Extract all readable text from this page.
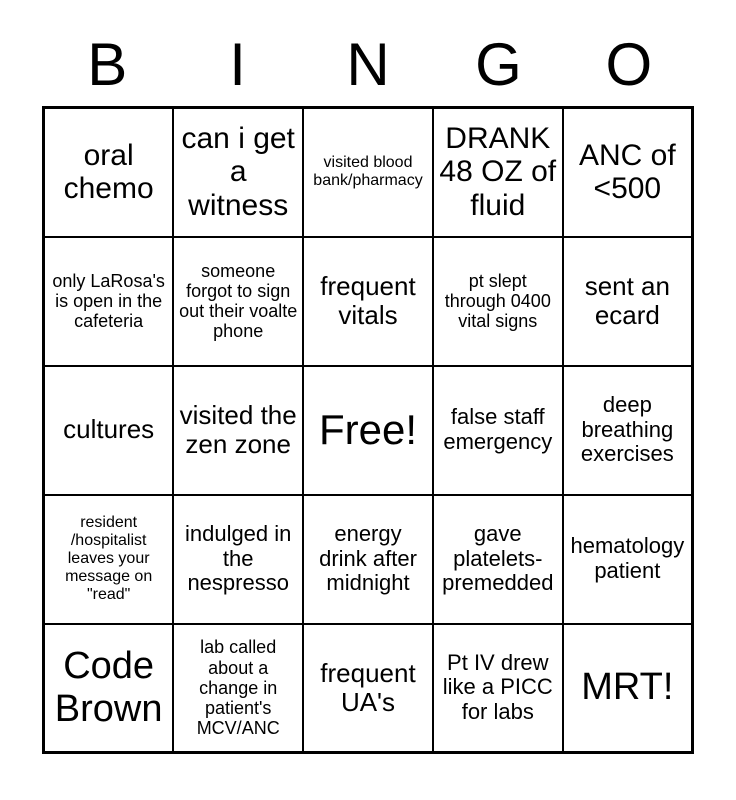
B	I	N	G	O
oral chemo	can i get a witness	visited blood bank/pharmacy	DRANK 48 OZ of fluid	ANC of <500
only LaRosa's is open in the cafeteria	someone forgot to sign out their voalte phone	frequent vitals	pt slept through 0400 vital signs	sent an ecard
cultures	visited the zen zone	Free!	false staff emergency	deep breathing exercises
resident /hospitalist leaves your message on "read"	indulged in the nespresso	energy drink after midnight	gave platelets-premedded	hematology patient
Code Brown	lab called about a change in patient's MCV/ANC	frequent UA's	Pt IV drew like a PICC for labs	MRT!
